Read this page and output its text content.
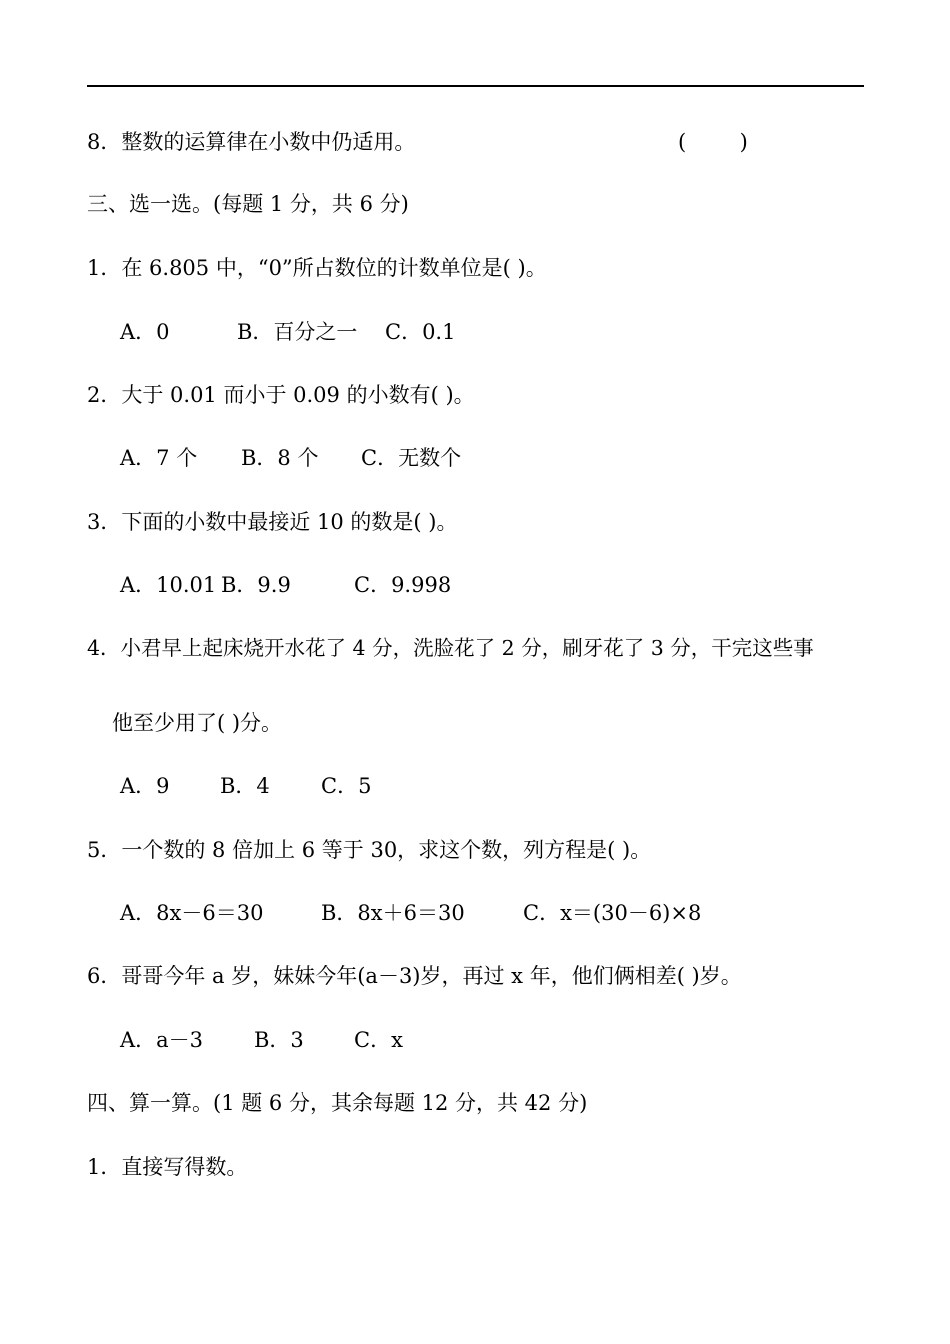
8．整数的运算律在小数中仍适用。	(        )
三、选一选。(每题 1 分，共 6 分)
1．在 6.805 中，“0”所占数位的计数单位是( )。
A．0	B．百分之一 C．0.1
2．大于 0.01 而小于 0.09 的小数有( )。
A．7 个 B．8 个 C．无数个
3．下面的小数中最接近 10 的数是( )。
A．10.01 B．9.9	C．9.998
4．小君早上起床烧开水花了 4 分，洗脸花了 2 分，刷牙花了 3 分，干完这些事
他至少用了( )分。
A．9 B．4 C．5
5．一个数的 8 倍加上 6 等于 30，求这个数，列方程是( )。
A．8x－6＝30	B．8x＋6＝30	C．x＝(30－6)×8
6．哥哥今年 a 岁，妹妹今年(a－3)岁，再过 x 年，他们俩相差( )岁。
A．a－3 B．3 C．x
四、算一算。(1 题 6 分，其余每题 12 分，共 42 分)
1．直接写得数。
